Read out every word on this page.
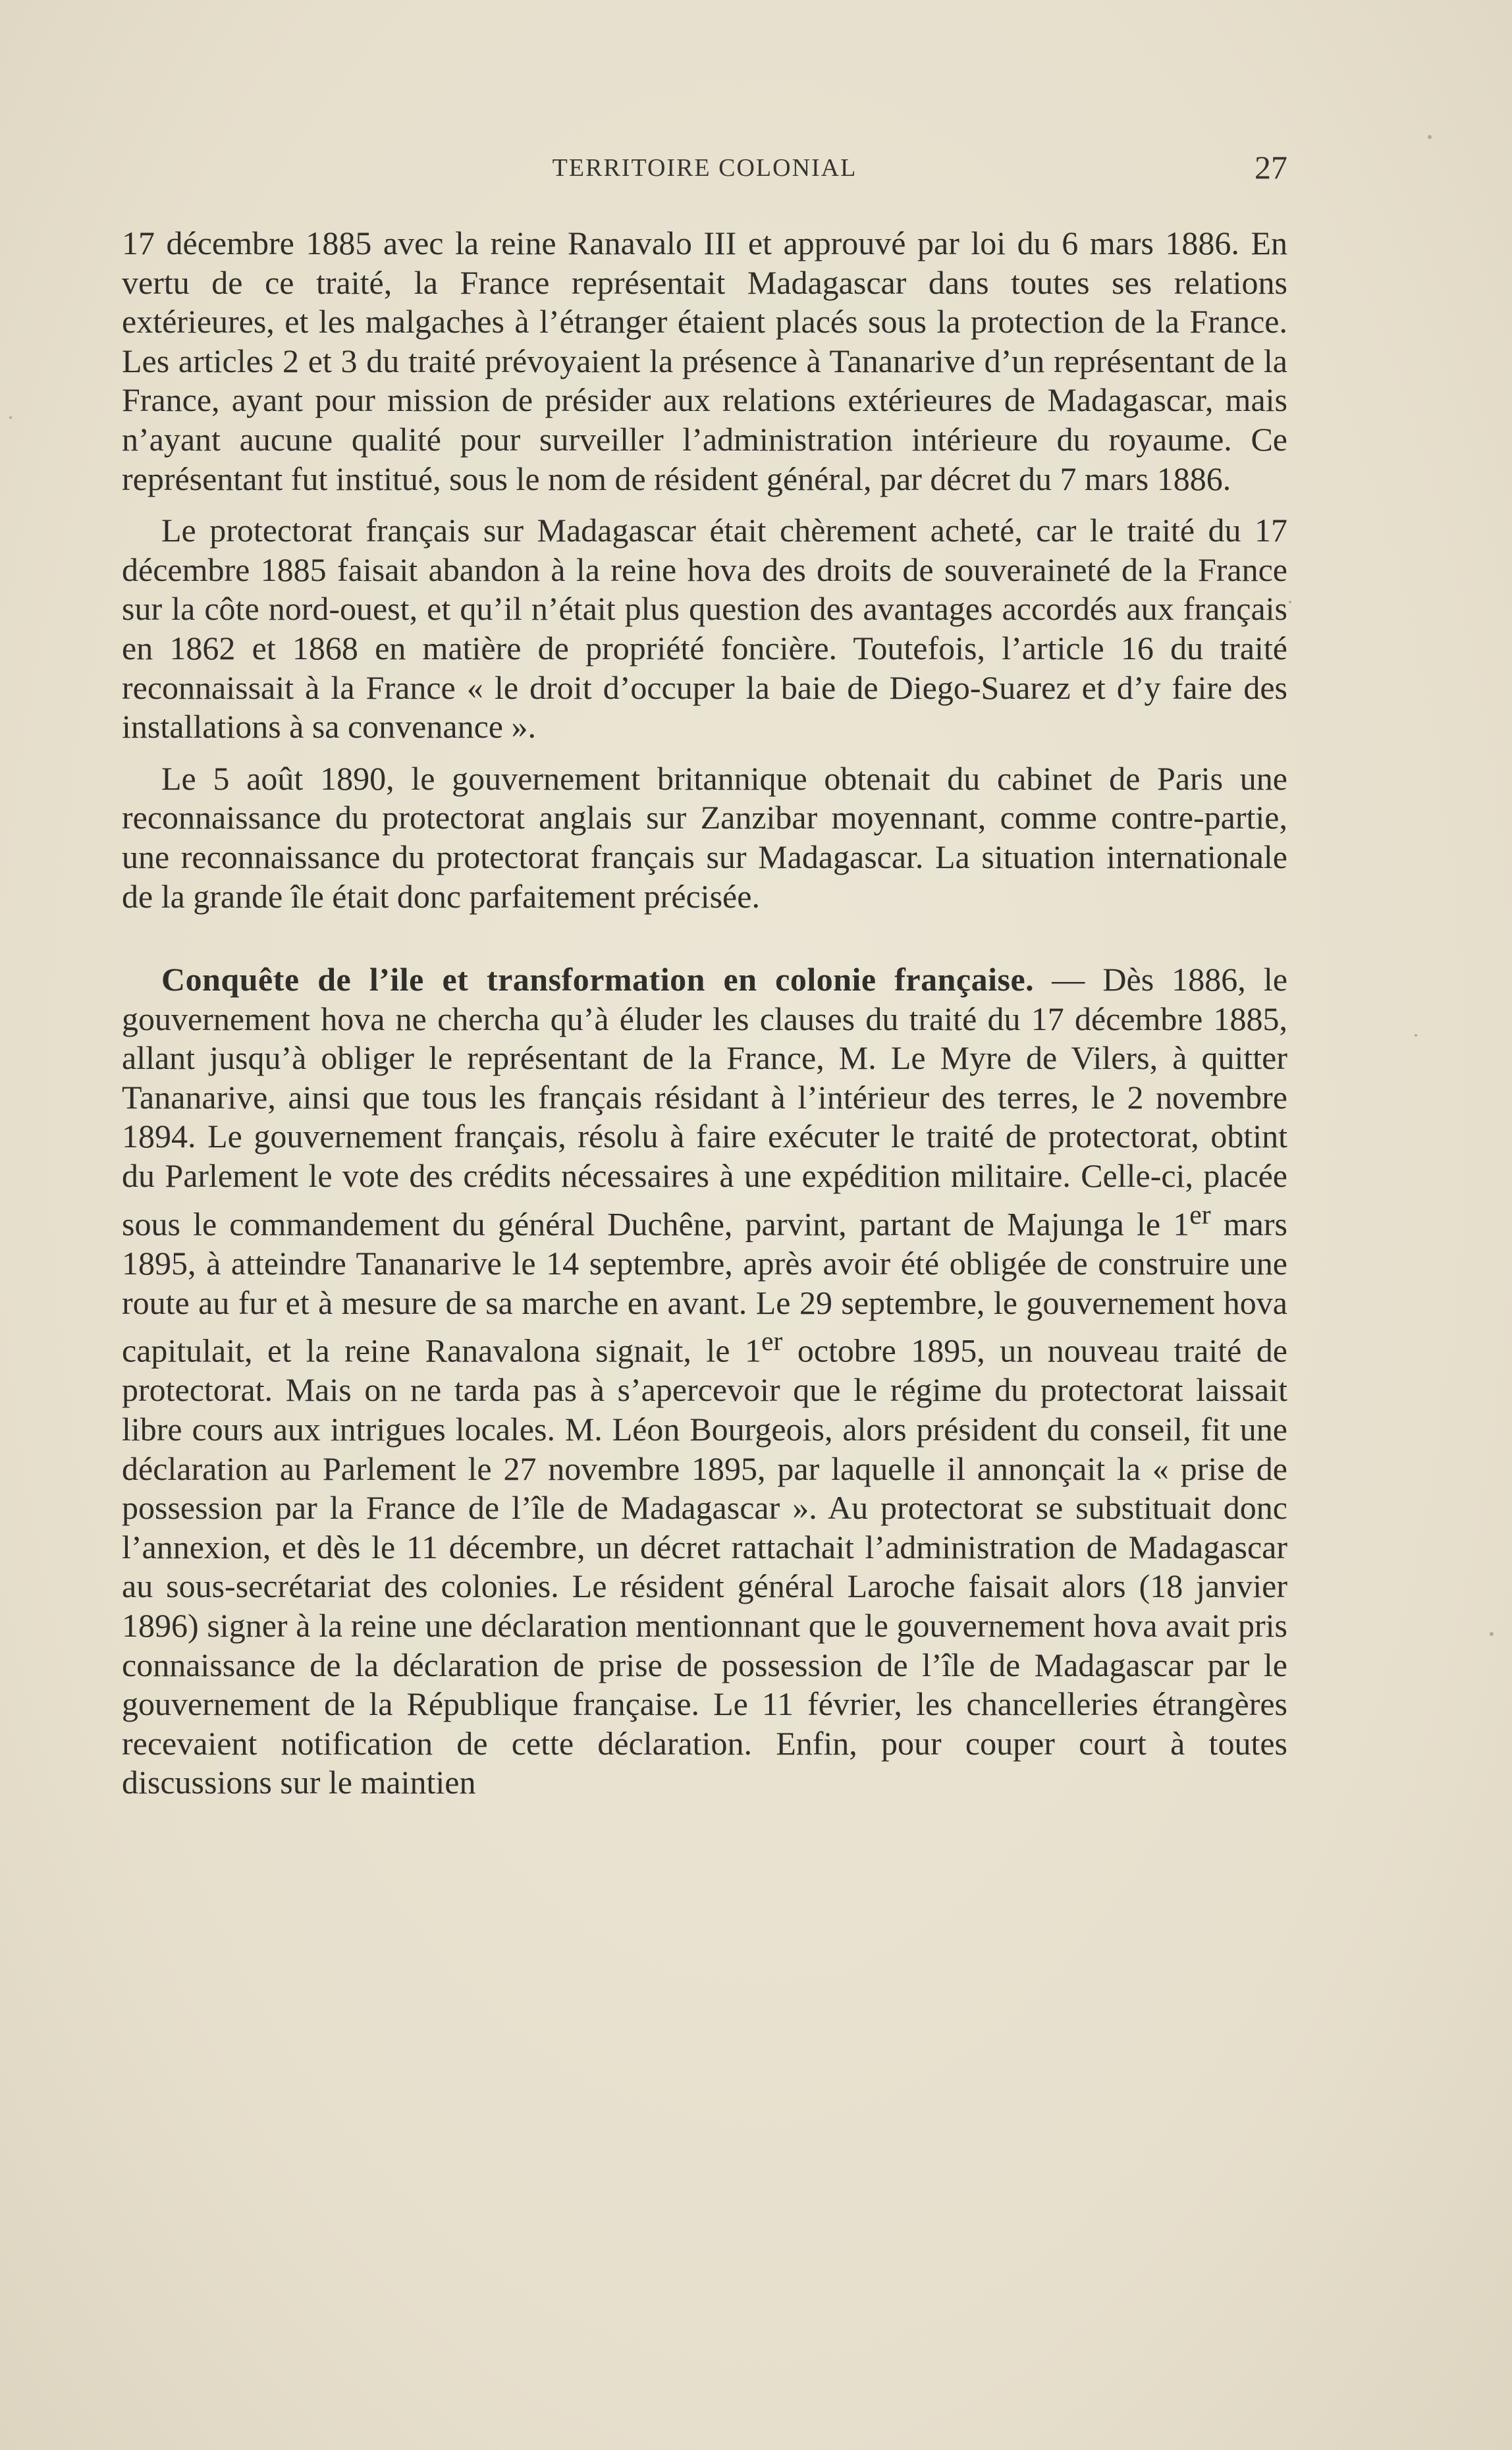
TERRITOIRE COLONIAL	27

17 décembre 1885 avec la reine Ranavalo III et approuvé par loi du 6 mars 1886. En vertu de ce traité, la France représentait Madagascar dans toutes ses relations extérieures, et les malgaches à l’étranger étaient placés sous la protection de la France. Les articles 2 et 3 du traité prévoyaient la présence à Tananarive d’un représentant de la France, ayant pour mission de présider aux relations extérieures de Madagascar, mais n’ayant aucune qualité pour surveiller l’administration intérieure du royaume. Ce représentant fut institué, sous le nom de résident général, par décret du 7 mars 1886.

Le protectorat français sur Madagascar était chèrement acheté, car le traité du 17 décembre 1885 faisait abandon à la reine hova des droits de souveraineté de la France sur la côte nord-ouest, et qu’il n’était plus question des avantages accordés aux français en 1862 et 1868 en matière de propriété foncière. Toutefois, l’article 16 du traité reconnaissait à la France « le droit d’occuper la baie de Diego-Suarez et d’y faire des installations à sa convenance ».

Le 5 août 1890, le gouvernement britannique obtenait du cabinet de Paris une reconnaissance du protectorat anglais sur Zanzibar moyennant, comme contre-partie, une reconnaissance du protectorat français sur Madagascar. La situation internationale de la grande île était donc parfaitement précisée.

Conquête de l’ile et transformation en colonie française. — Dès 1886, le gouvernement hova ne chercha qu’à éluder les clauses du traité du 17 décembre 1885, allant jusqu’à obliger le représentant de la France, M. Le Myre de Vilers, à quitter Tananarive, ainsi que tous les français résidant à l’intérieur des terres, le 2 novembre 1894. Le gouvernement français, résolu à faire exécuter le traité de protectorat, obtint du Parlement le vote des crédits nécessaires à une expédition militaire. Celle-ci, placée sous le commandement du général Duchêne, parvint, partant de Majunga le 1er mars 1895, à atteindre Tananarive le 14 septembre, après avoir été obligée de construire une route au fur et à mesure de sa marche en avant. Le 29 septembre, le gouvernement hova capitulait, et la reine Ranavalona signait, le 1er octobre 1895, un nouveau traité de protectorat. Mais on ne tarda pas à s’apercevoir que le régime du protectorat laissait libre cours aux intrigues locales. M. Léon Bourgeois, alors président du conseil, fit une déclaration au Parlement le 27 novembre 1895, par laquelle il annonçait la « prise de possession par la France de l’île de Madagascar ». Au protectorat se substituait donc l’annexion, et dès le 11 décembre, un décret rattachait l’administration de Madagascar au sous-secrétariat des colonies. Le résident général Laroche faisait alors (18 janvier 1896) signer à la reine une déclaration mentionnant que le gouvernement hova avait pris connaissance de la déclaration de prise de possession de l’île de Madagascar par le gouvernement de la République française. Le 11 février, les chancelleries étrangères recevaient notification de cette déclaration. Enfin, pour couper court à toutes discussions sur le maintien
